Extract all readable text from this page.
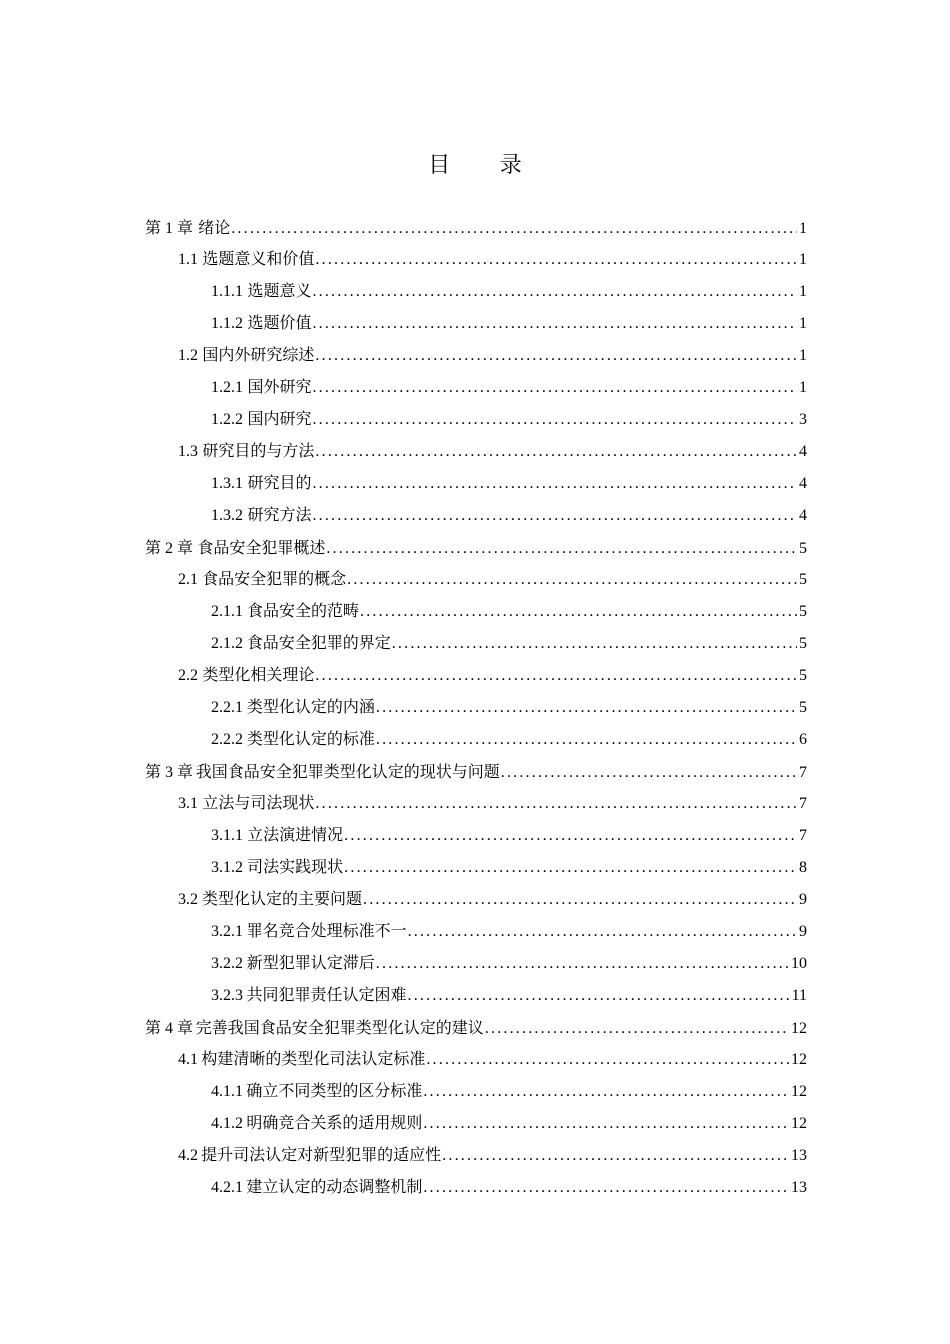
目 录
第 1 章 绪论 .....	1
1.1 选题意义和价值 .....	1
1.1.1 选题意义 .....	1
1.1.2 选题价值 .....	1
1.2 国内外研究综述 .....	1
1.2.1 国外研究 .....	1
1.2.2 国内研究 .....	3
1.3 研究目的与方法 .....	4
1.3.1 研究目的 .....	4
1.3.2 研究方法 .....	4
第 2 章 食品安全犯罪概述 .....	5
2.1 食品安全犯罪的概念 .....	5
2.1.1 食品安全的范畴 .....	5
2.1.2 食品安全犯罪的界定 .....	5
2.2 类型化相关理论 .....	5
2.2.1 类型化认定的内涵 .....	5
2.2.2 类型化认定的标准 .....	6
第 3 章 我国食品安全犯罪类型化认定的现状与问题 .....	7
3.1 立法与司法现状 .....	7
3.1.1 立法演进情况 .....	7
3.1.2 司法实践现状 .....	8
3.2 类型化认定的主要问题 .....	9
3.2.1 罪名竞合处理标准不一 .....	9
3.2.2 新型犯罪认定滞后 .....	10
3.2.3 共同犯罪责任认定困难 .....	11
第 4 章 完善我国食品安全犯罪类型化认定的建议 .....	12
4.1 构建清晰的类型化司法认定标准 .....	12
4.1.1 确立不同类型的区分标准 .....	12
4.1.2 明确竞合关系的适用规则 .....	12
4.2 提升司法认定对新型犯罪的适应性 .....	13
4.2.1 建立认定的动态调整机制 .....	13
